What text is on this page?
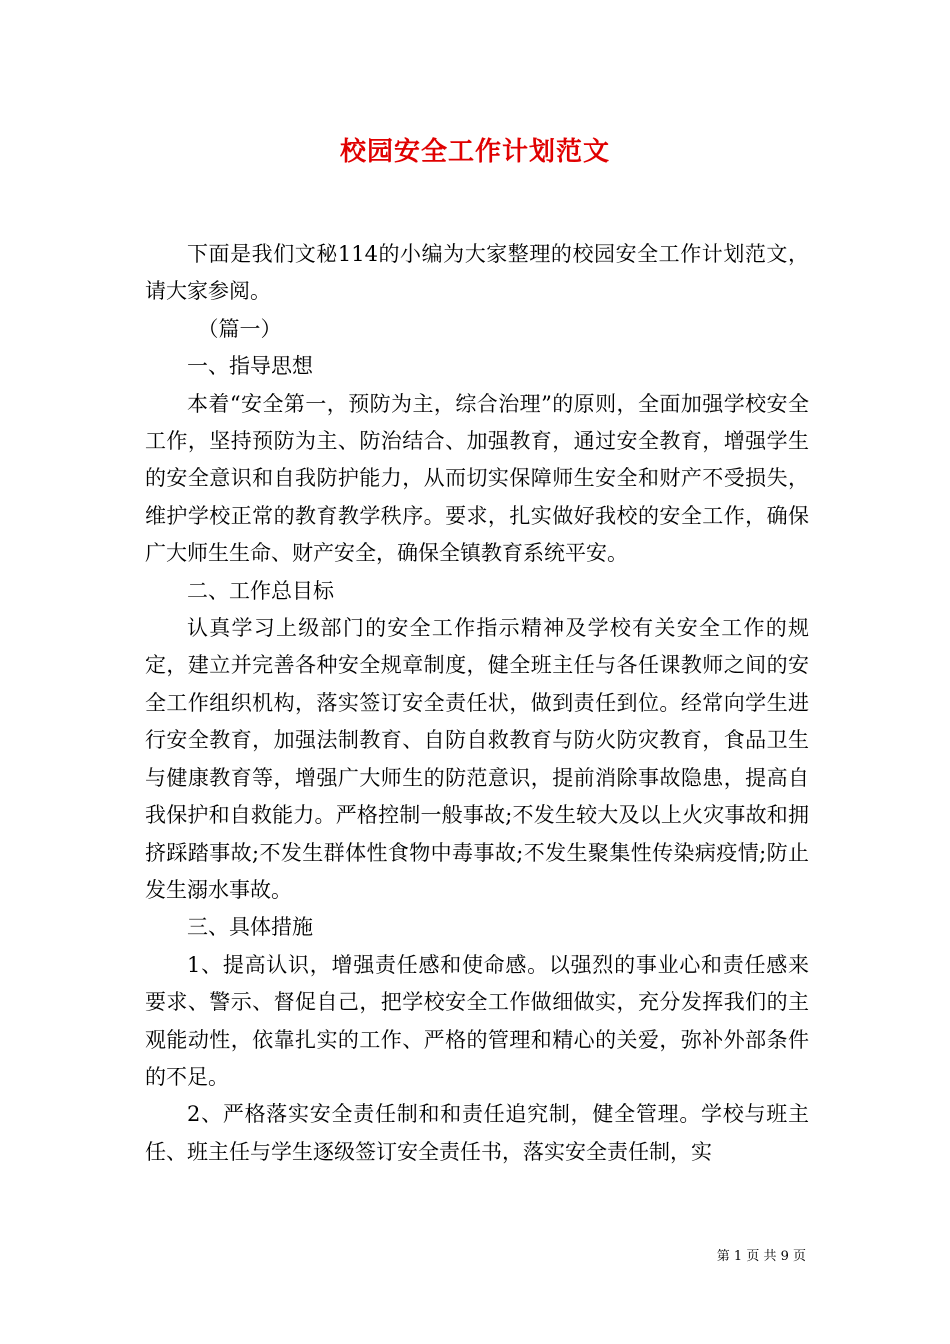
校园安全工作计划范文

下面是我们文秘114的小编为大家整理的校园安全工作计划范文，请大家参阅。

（篇一）

一、指导思想

本着“安全第一，预防为主，综合治理”的原则，全面加强学校安全工作，坚持预防为主、防治结合、加强教育，通过安全教育，增强学生的安全意识和自我防护能力，从而切实保障师生安全和财产不受损失，维护学校正常的教育教学秩序。要求，扎实做好我校的安全工作，确保广大师生生命、财产安全，确保全镇教育系统平安。

二、工作总目标

认真学习上级部门的安全工作指示精神及学校有关安全工作的规定，建立并完善各种安全规章制度，健全班主任与各任课教师之间的安全工作组织机构，落实签订安全责任状，做到责任到位。经常向学生进行安全教育，加强法制教育、自防自救教育与防火防灾教育，食品卫生与健康教育等，增强广大师生的防范意识，提前消除事故隐患，提高自我保护和自救能力。严格控制一般事故;不发生较大及以上火灾事故和拥挤踩踏事故;不发生群体性食物中毒事故;不发生聚集性传染病疫情;防止发生溺水事故。

三、具体措施

1、提高认识，增强责任感和使命感。以强烈的事业心和责任感来要求、警示、督促自己，把学校安全工作做细做实，充分发挥我们的主观能动性，依靠扎实的工作、严格的管理和精心的关爱，弥补外部条件的不足。

2、严格落实安全责任制和和责任追究制，健全管理。学校与班主任、班主任与学生逐级签订安全责任书，落实安全责任制，实

第 1 页 共 9 页
